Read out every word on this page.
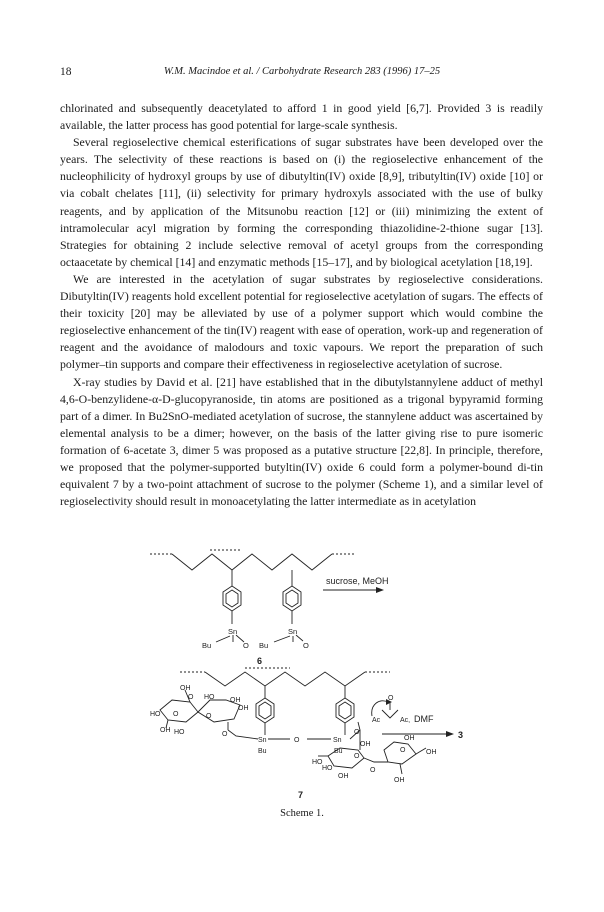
18	W.M. Macindoe et al. / Carbohydrate Research 283 (1996) 17–25

chlorinated and subsequently deacetylated to afford 1 in good yield [6,7]. Provided 3 is readily available, the latter process has good potential for large-scale synthesis.

Several regioselective chemical esterifications of sugar substrates have been developed over the years. The selectivity of these reactions is based on (i) the regioselective enhancement of the nucleophilicity of hydroxyl groups by use of dibutyltin(IV) oxide [8,9], tributyltin(IV) oxide [10] or via cobalt chelates [11], (ii) selectivity for primary hydroxyls associated with the use of bulky reagents, and by application of the Mitsunobu reaction [12] or (iii) minimizing the extent of intramolecular acyl migration by forming the corresponding thiazolidine-2-thione sugar [13]. Strategies for obtaining 2 include selective removal of acetyl groups from the corresponding octaacetate by chemical [14] and enzymatic methods [15–17], and by biological acetylation [18,19].

We are interested in the acetylation of sugar substrates by regioselective considerations. Dibutyltin(IV) reagents hold excellent potential for regioselective acetylation of sugars. The effects of their toxicity [20] may be alleviated by use of a polymer support which would combine the regioselective enhancement of the tin(IV) reagent with ease of operation, work-up and regeneration of reagent and the avoidance of malodours and toxic vapours. We report the preparation of such polymer–tin supports and compare their effectiveness in regioselective acetylation of sucrose.

X-ray studies by David et al. [21] have established that in the dibutylstannylene adduct of methyl 4,6-O-benzylidene-α-D-glucopyranoside, tin atoms are positioned as a trigonal bypyramid forming part of a dimer. In Bu2SnO-mediated acetylation of sucrose, the stannylene adduct was ascertained by elemental analysis to be a dimer; however, on the basis of the latter giving rise to pure isomeric formation of 6-acetate 3, dimer 5 was proposed as a putative structure [22,8]. In principle, therefore, we proposed that the polymer-supported butyltin(IV) oxide 6 could form a polymer-bound di-tin equivalent 7 by a two-point attachment of sucrose to the polymer (Scheme 1), and a similar level of regioselectivity should result in monoacetylating the latter intermediate as in acetylation

Sn	Sn
Bu	O Bu	O
sucrose, MeOH
6
OH
O HO OH
OH
HO O	O
OH HO	O
Sn
Bu
O	Sn
O
Bu
HO
HO
O
OH
OH
O
O
OH
OH
OH
O
Ac	Ac, DMF
3
7
Scheme 1.
